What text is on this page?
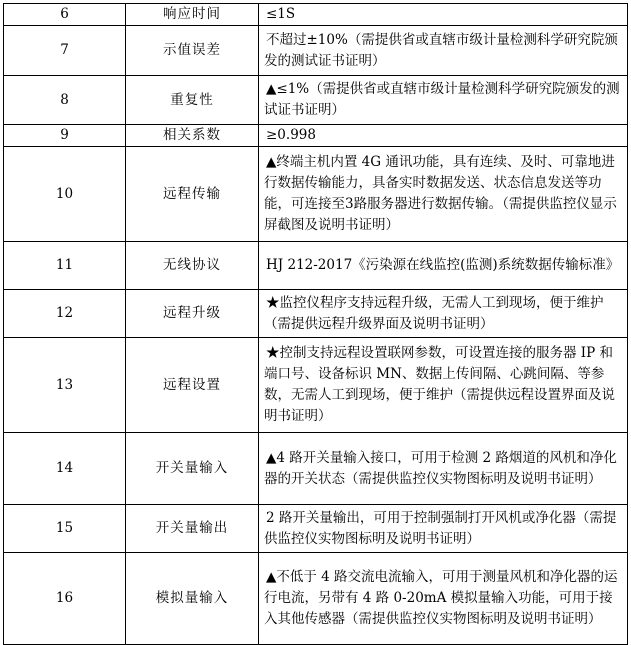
6	响应时间	≤1S
7	示值误差	不超过±10%（需提供省或直辖市级计量检测科学研究院颁发的测试证书证明）
8	重复性	▲≤1%（需提供省或直辖市级计量检测科学研究院颁发的测试证书证明）
9	相关系数	≥0.998
10	远程传输	▲终端主机内置 4G 通讯功能，具有连续、及时、可靠地进行数据传输能力，具备实时数据发送、状态信息发送等功能，可连接至3路服务器进行数据传输。（需提供监控仪显示屏截图及说明书证明）
11	无线协议	HJ 212-2017《污染源在线监控(监测)系统数据传输标准》
12	远程升级	★监控仪程序支持远程升级，无需人工到现场，便于维护（需提供远程升级界面及说明书证明）
13	远程设置	★控制支持远程设置联网参数，可设置连接的服务器 IP 和端口号、设备标识 MN、数据上传间隔、心跳间隔、等参数，无需人工到现场，便于维护（需提供远程设置界面及说明书证明）
14	开关量输入	▲4 路开关量输入接口，可用于检测 2 路烟道的风机和净化器的开关状态（需提供监控仪实物图标明及说明书证明）
15	开关量输出	2 路开关量输出，可用于控制强制打开风机或净化器（需提供监控仪实物图标明及说明书证明）
16	模拟量输入	▲不低于 4 路交流电流输入，可用于测量风机和净化器的运行电流，另带有 4 路 0-20mA 模拟量输入功能，可用于接入其他传感器（需提供监控仪实物图标明及说明书证明）
